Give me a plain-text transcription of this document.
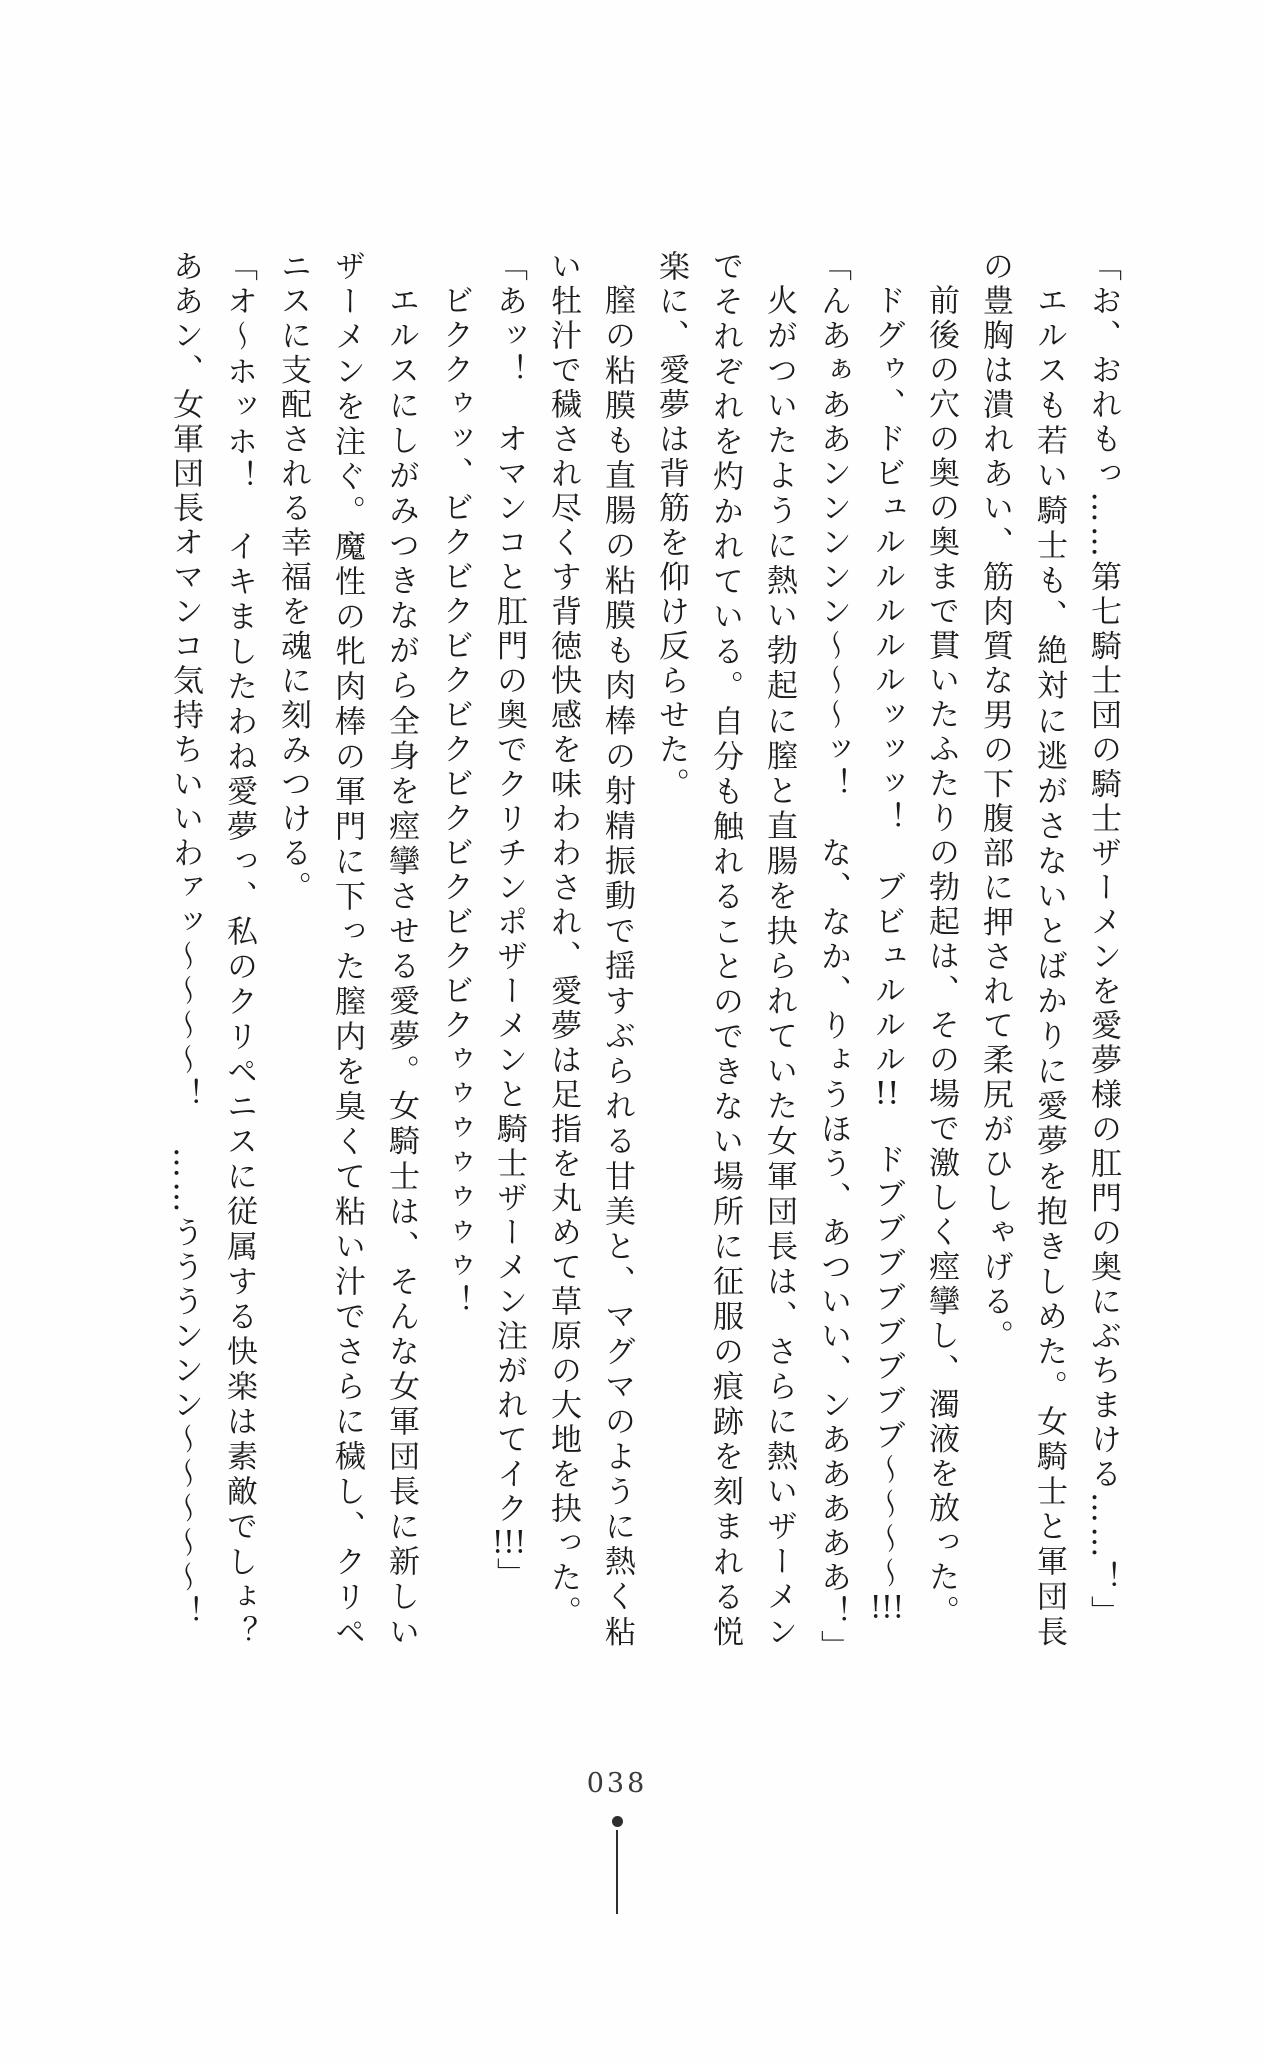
「お、おれもっ……第七騎士団の騎士ザーメンを愛夢様の肛門の奥にぶちまける……！」

エルスも若い騎士も、絶対に逃がさないとばかりに愛夢を抱きしめた。女騎士と軍団長の豊胸は潰れあい、筋肉質な男の下腹部に押されて柔尻がひしゃげる。

前後の穴の奥の奥まで貫いたふたりの勃起は、その場で激しく痙攣し、濁液を放った。

ドグゥ、ドビュルルルルルッッッ！　ブビュルルル!!　ドブブブブブブブブ〜〜〜〜!!!

「んあぁああンンンンン〜〜〜ッ！　な、なか、りょうほう、あついい、ンあああああ！」

火がついたように熱い勃起に膣と直腸を抉られていた女軍団長は、さらに熱いザーメンでそれぞれを灼かれている。自分も触れることのできない場所に征服の痕跡を刻まれる悦楽に、愛夢は背筋を仰け反らせた。

膣の粘膜も直腸の粘膜も肉棒の射精振動で揺すぶられる甘美と、マグマのように熱く粘い牡汁で穢され尽くす背徳快感を味わわされ、愛夢は足指を丸めて草原の大地を抉った。

「あッ！　オマンコと肛門の奥でクリチンポザーメンと騎士ザーメン注がれてイク!!!」

ビククゥッ、ビクビクビクビクビクビクビクビクゥゥゥゥゥゥゥ！

エルスにしがみつきながら全身を痙攣させる愛夢。女騎士は、そんな女軍団長に新しいザーメンを注ぐ。魔性の牝肉棒の軍門に下った膣内を臭くて粘い汁でさらに穢し、クリペニスに支配される幸福を魂に刻みつける。

「オ〜ホッホ！　イキましたわね愛夢っ、私のクリペニスに従属する快楽は素敵でしょ？　ああン、女軍団長オマンコ気持ちいいわァッ〜〜〜〜！　……うううンンン〜〜〜〜〜！

038
